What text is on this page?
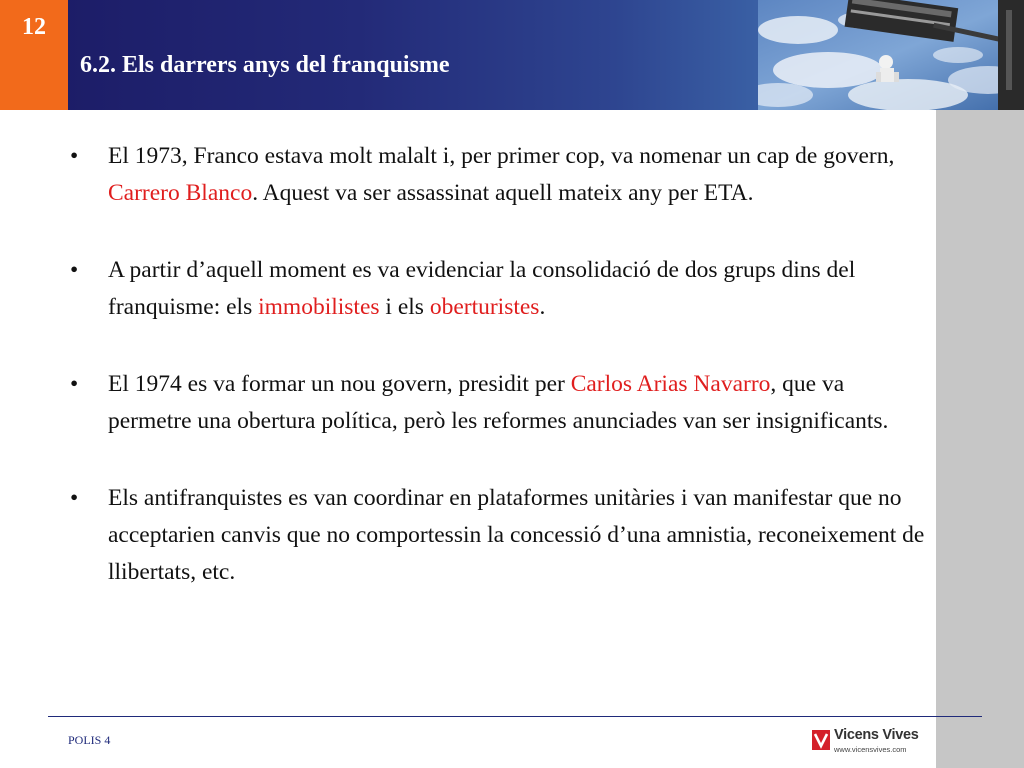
12
6.2. Els darrers anys del franquisme
• El 1973, Franco estava molt malalt i, per primer cop, va nomenar un cap de govern, Carrero Blanco. Aquest va ser assassinat aquell mateix any per ETA.
• A partir d’aquell moment es va evidenciar la consolidació de dos grups dins del franquisme: els immobilistes i els oberturistes.
• El 1974 es va formar un nou govern, presidit per Carlos Arias Navarro, que va permetre una obertura política, però les reformes anunciades van ser insignificants.
• Els antifranquistes es van coordinar en plataformes unitàries i van manifestar que no acceptarien canvis que no comportessin la concessió d’una amnistia, reconeixement de llibertats, etc.
POLIS 4	Vicens Vives
www.vicensvives.com
